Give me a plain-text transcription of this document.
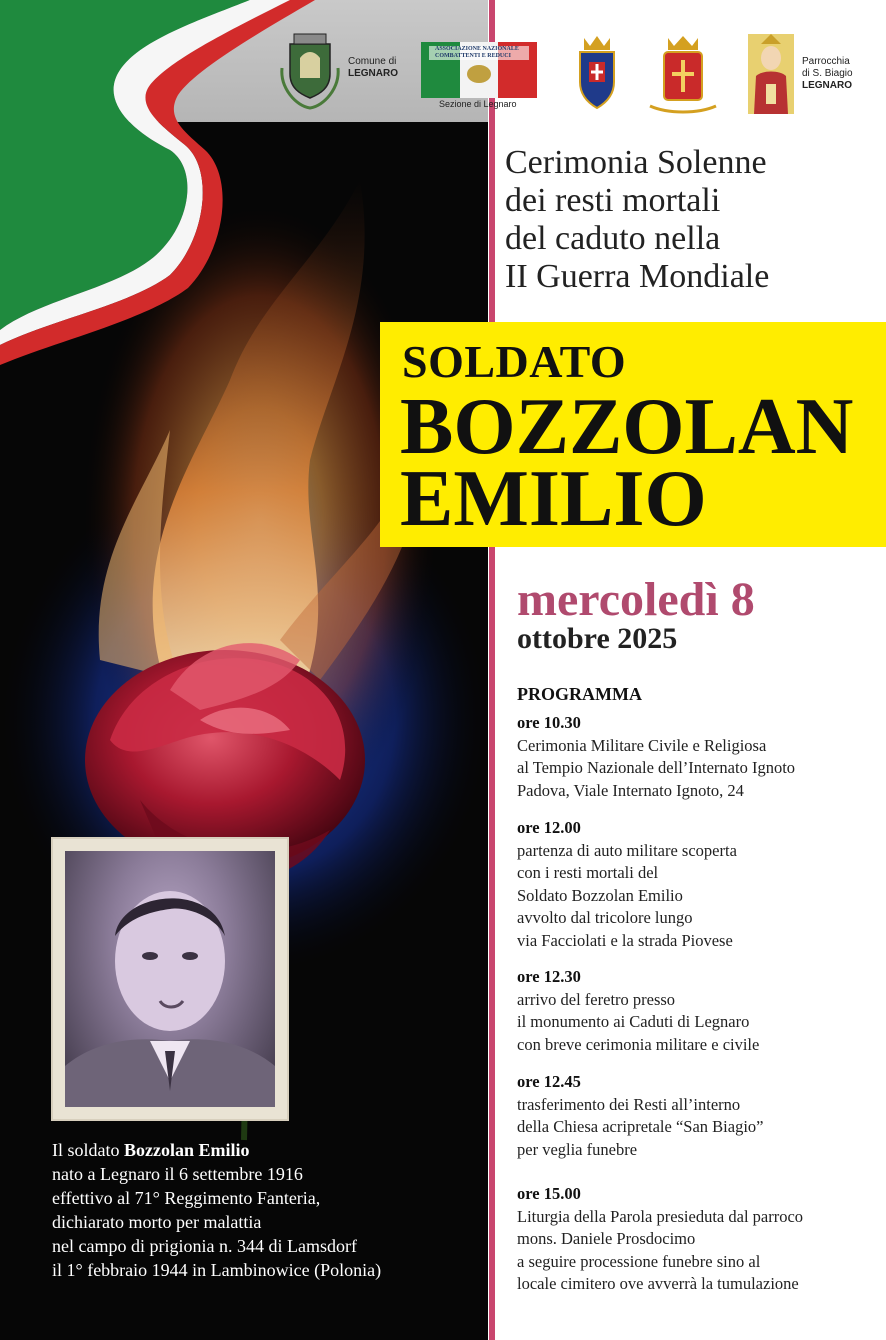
Il soldato Bozzolan Emilio
nato a Legnaro il 6 settembre 1916
effettivo al 71° Reggimento Fanteria,
dichiarato morto per malattia
nel campo di prigionia n. 344 di Lamsdorf
il 1° febbraio 1944 in Lambinowice (Polonia)
Comune di
LEGNARO
ASSOCIAZIONE NAZIONALE COMBATTENTI E REDUCI
Sezione di Legnaro
Parrocchia
di S. Biagio
LEGNARO
Cerimonia Solenne
dei resti mortali
del caduto nella
II Guerra Mondiale
SOLDATO
BOZZOLAN
EMILIO
mercoledì 8
ottobre 2025
PROGRAMMA
ore 10.30
Cerimonia Militare Civile e Religiosa
al Tempio Nazionale dell’Internato Ignoto
Padova, Viale Internato Ignoto, 24
ore 12.00
partenza di auto militare scoperta
con i resti mortali del
Soldato Bozzolan Emilio
avvolto dal tricolore lungo
via Facciolati e la strada Piovese
ore 12.30
arrivo del feretro presso
il monumento ai Caduti di Legnaro
con breve cerimonia militare e civile
ore 12.45
trasferimento dei Resti all’interno
della Chiesa acripretale “San Biagio”
per veglia funebre
ore 15.00
Liturgia della Parola presieduta dal parroco
mons. Daniele Prosdocimo
a seguire processione funebre sino al
locale cimitero ove avverrà la tumulazione
